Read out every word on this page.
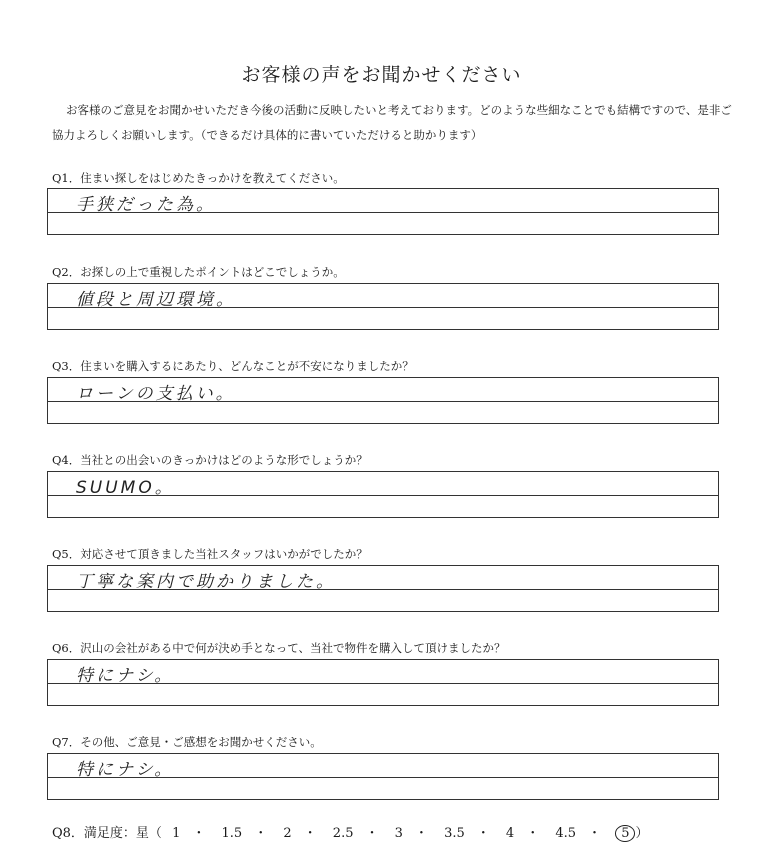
お客様の声をお聞かせください
お客様のご意見をお聞かせいただき今後の活動に反映したいと考えております。どのような些細なことでも結構ですので、是非ご協力よろしくお願いします。（できるだけ具体的に書いていただけると助かります）
Q1．住まい探しをはじめたきっかけを教えてください。
手狭だった為。
Q2．お探しの上で重視したポイントはどこでしょうか。
値段と周辺環境。
Q3．住まいを購入するにあたり、どんなことが不安になりましたか？
ローンの支払い。
Q4．当社との出会いのきっかけはどのような形でしょうか？
SUUMO。
Q5．対応させて頂きました当社スタッフはいかがでしたか？
丁寧な案内で助かりました。
Q6．沢山の会社がある中で何が決め手となって、当社で物件を購入して頂けましたか？
特にナシ。
Q7．その他、ご意見・ご感想をお聞かせください。
特にナシ。
Q8．満足度：星（ 1 ・ 1.5 ・ 2 ・ 2.5 ・ 3 ・ 3.5 ・ 4 ・ 4.5 ・ 5 ）
